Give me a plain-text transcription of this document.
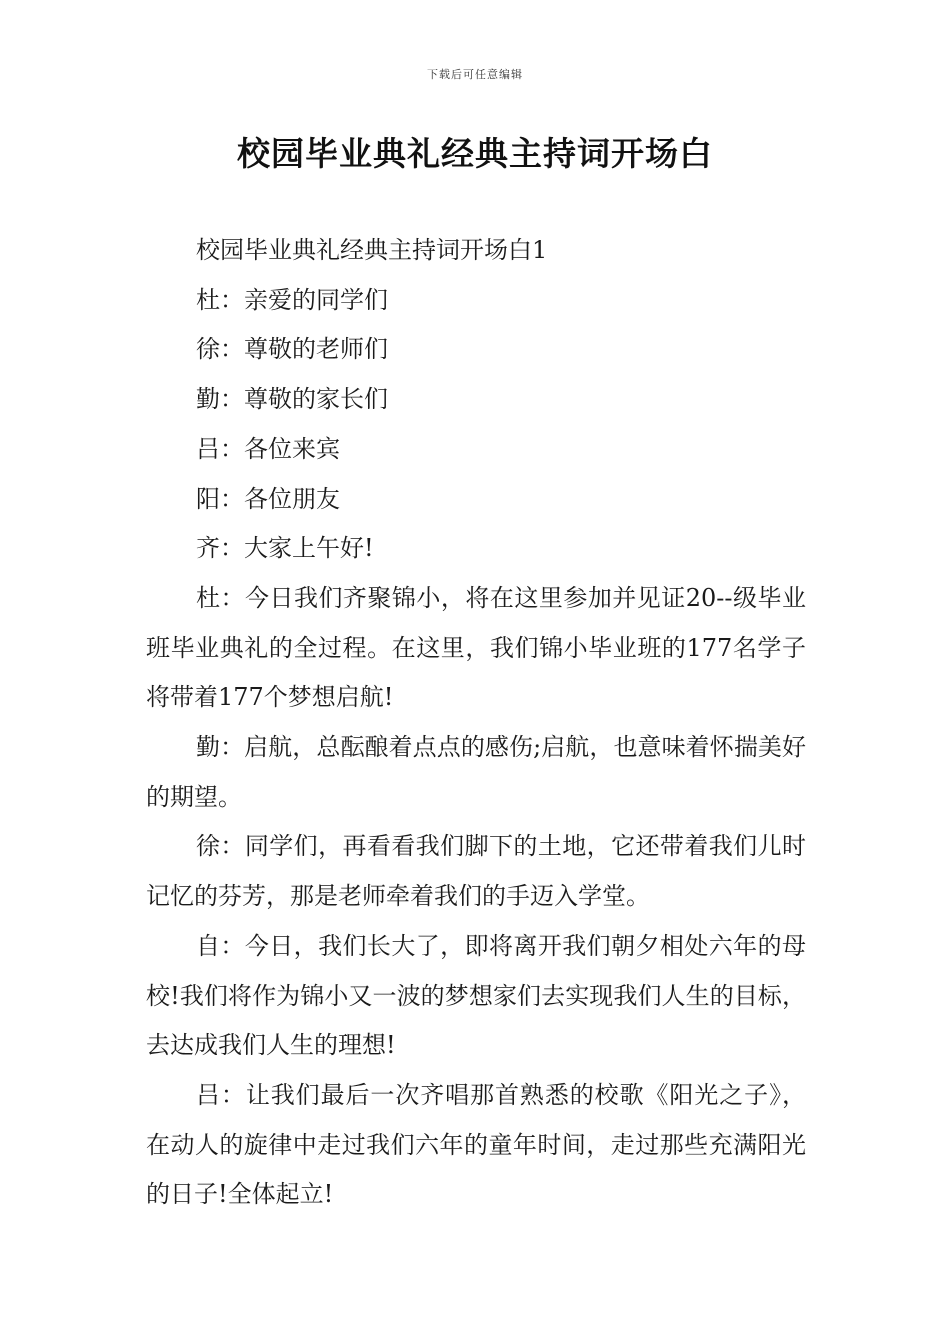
下载后可任意编辑
校园毕业典礼经典主持词开场白

校园毕业典礼经典主持词开场白1

杜：亲爱的同学们

徐：尊敬的老师们

勤：尊敬的家长们

吕：各位来宾

阳：各位朋友

齐：大家上午好!

杜：今日我们齐聚锦小，将在这里参加并见证20--级毕业班毕业典礼的全过程。在这里，我们锦小毕业班的177名学子将带着177个梦想启航!

勤：启航，总酝酿着点点的感伤;启航，也意味着怀揣美好的期望。

徐：同学们，再看看我们脚下的土地，它还带着我们儿时记忆的芬芳，那是老师牵着我们的手迈入学堂。

自：今日，我们长大了，即将离开我们朝夕相处六年的母校!我们将作为锦小又一波的梦想家们去实现我们人生的目标，去达成我们人生的理想!

吕：让我们最后一次齐唱那首熟悉的校歌《阳光之子》，在动人的旋律中走过我们六年的童年时间，走过那些充满阳光的日子!全体起立!
